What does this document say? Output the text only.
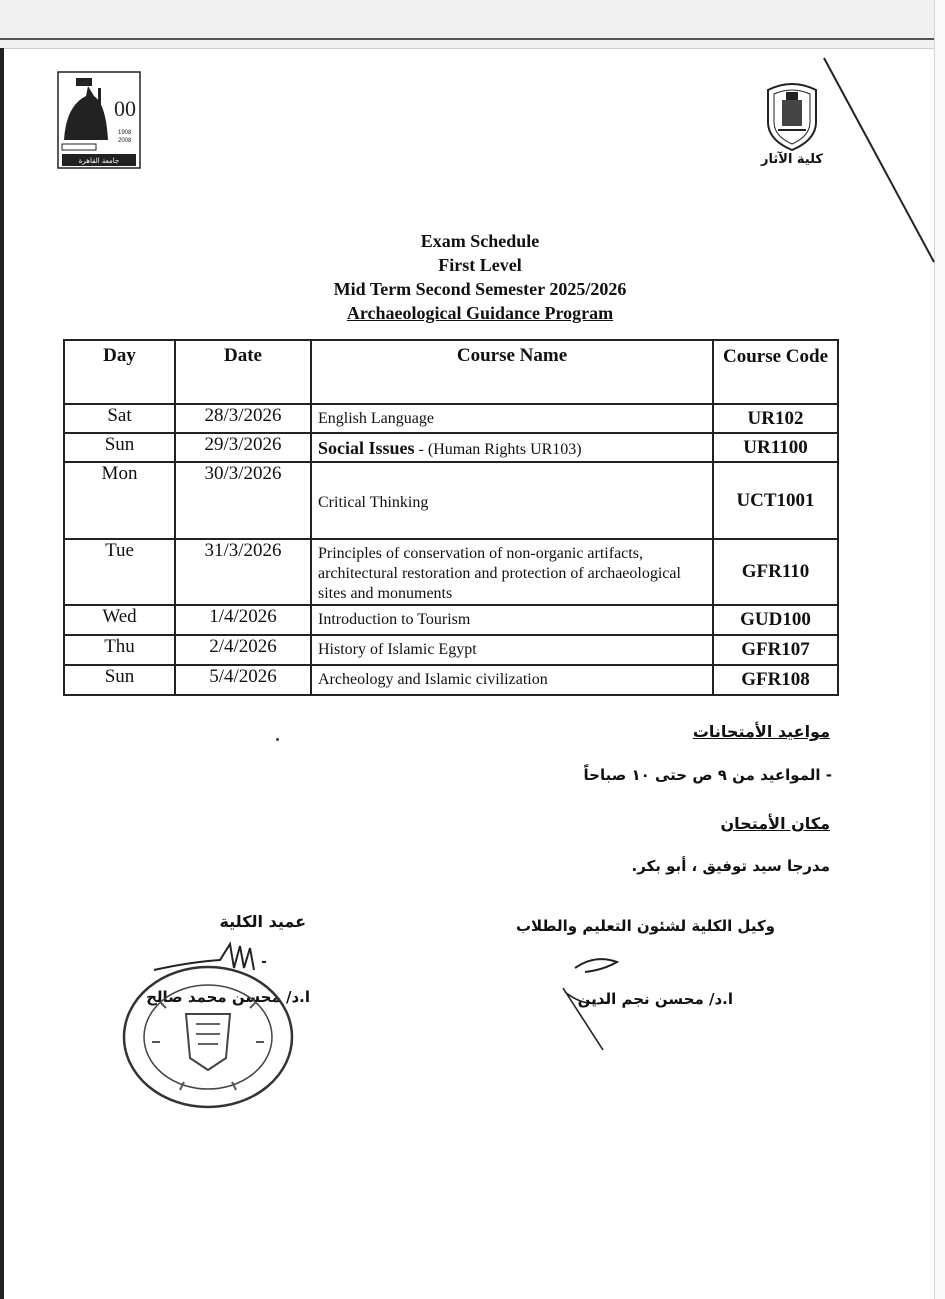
00
1908
2008
جامعة القاهرة	كلية الآثار
Exam Schedule
First Level
Mid Term Second Semester 2025/2026
Archaeological Guidance Program
Day	Date	Course Name	Course Code
Sat	28/3/2026	English Language	UR102
Sun	29/3/2026	Social Issues - (Human Rights UR103)	UR1100
Mon	30/3/2026	Critical Thinking	UCT1001
Tue	31/3/2026	Principles of conservation of non-organic artifacts, architectural restoration and protection of archaeological sites and monuments	GFR110
Wed	1/4/2026	Introduction to Tourism	GUD100
Thu	2/4/2026	History of Islamic Egypt	GFR107
Sun	5/4/2026	Archeology and Islamic civilization	GFR108
مواعيد الأمتحانات
- المواعيد من ٩ ص حتى ١٠ صباحاً
مكان الأمتحان
مدرجا سيد توفيق ، أبو بكر.
وكيل الكلية لشئون التعليم والطلاب
ا.د/ محسن نجم الدين
عميد الكلية
ا.د/ محسن محمد صالح
